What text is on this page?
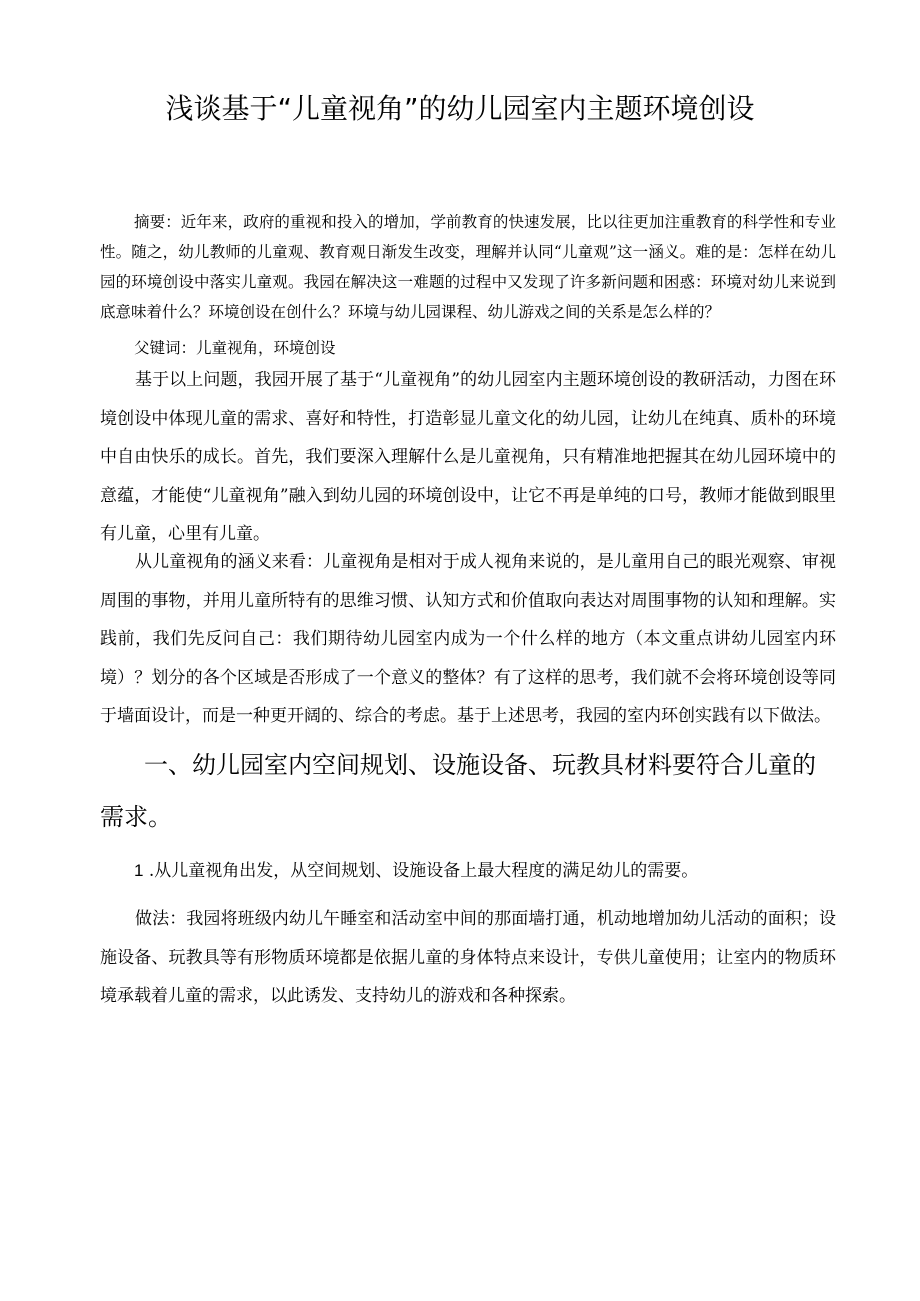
浅谈基于“儿童视角”的幼儿园室内主题环境创设

摘要：近年来，政府的重视和投入的增加，学前教育的快速发展，比以往更加注重教育的科学性和专业性。随之，幼儿教师的儿童观、教育观日渐发生改变，理解并认同“儿童观”这一涵义。难的是：怎样在幼儿园的环境创设中落实儿童观。我园在解决这一难题的过程中又发现了许多新问题和困惑：环境对幼儿来说到底意味着什么？环境创设在创什么？环境与幼儿园课程、幼儿游戏之间的关系是怎么样的？

父键词：儿童视角，环境创设

基于以上问题，我园开展了基于“儿童视角”的幼儿园室内主题环境创设的教研活动，力图在环境创设中体现儿童的需求、喜好和特性，打造彰显儿童文化的幼儿园，让幼儿在纯真、质朴的环境中自由快乐的成长。首先，我们要深入理解什么是儿童视角，只有精准地把握其在幼儿园环境中的意蕴，才能使“儿童视角”融入到幼儿园的环境创设中，让它不再是单纯的口号，教师才能做到眼里有儿童，心里有儿童。

从儿童视角的涵义来看：儿童视角是相对于成人视角来说的，是儿童用自己的眼光观察、审视周围的事物，并用儿童所特有的思维习惯、认知方式和价值取向表达对周围事物的认知和理解。实践前，我们先反问自己：我们期待幼儿园室内成为一个什么样的地方（本文重点讲幼儿园室内环境）？划分的各个区域是否形成了一个意义的整体？有了这样的思考，我们就不会将环境创设等同于墙面设计，而是一种更开阔的、综合的考虑。基于上述思考，我园的室内环创实践有以下做法。

一、幼儿园室内空间规划、设施设备、玩教具材料要符合儿童的需求。

1 .从儿童视角出发，从空间规划、设施设备上最大程度的满足幼儿的需要。

做法：我园将班级内幼儿午睡室和活动室中间的那面墙打通，机动地增加幼儿活动的面积；设施设备、玩教具等有形物质环境都是依据儿童的身体特点来设计，专供儿童使用；让室内的物质环境承载着儿童的需求，以此诱发、支持幼儿的游戏和各种探索。
